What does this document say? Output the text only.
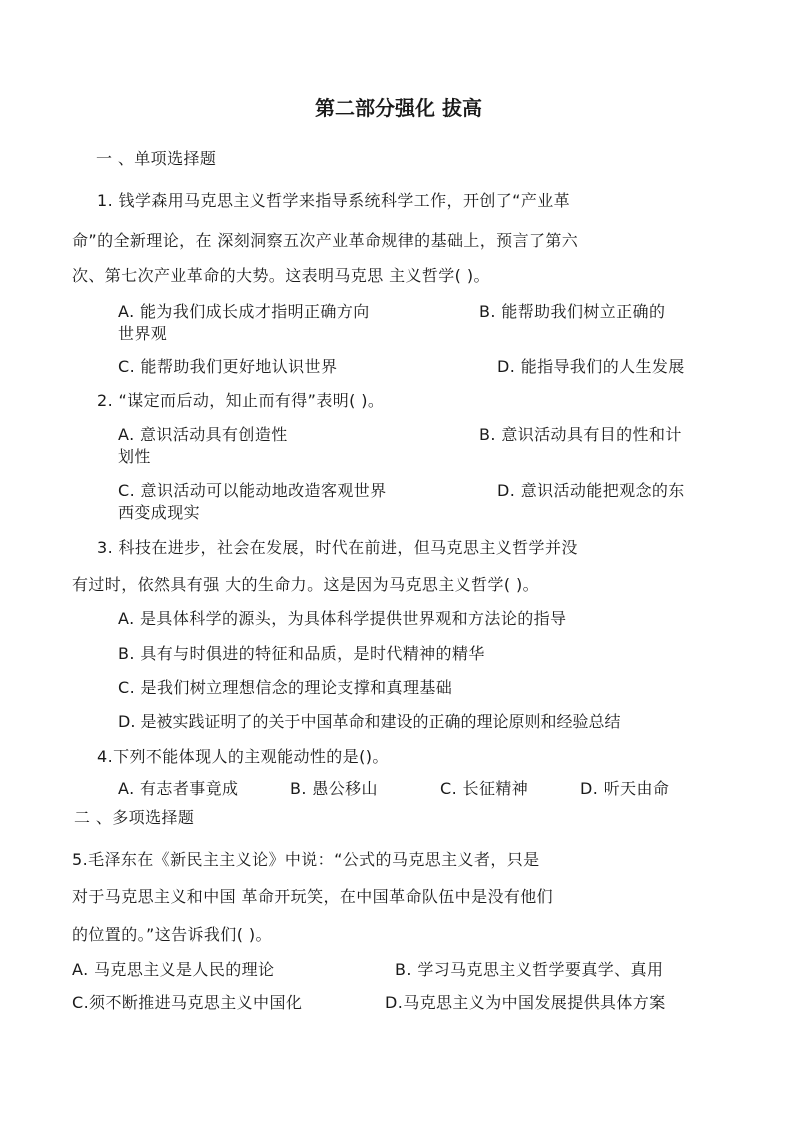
第二部分强化 拔高
一 、单项选择题
1. 钱学森用马克思主义哲学来指导系统科学工作，开创了“产业革
命”的全新理论，在 深刻洞察五次产业革命规律的基础上，预言了第六
次、第七次产业革命的大势。这表明马克思 主义哲学( )。
A. 能为我们成长成才指明正确方向	B. 能帮助我们树立正确的
世界观
C. 能帮助我们更好地认识世界	D. 能指导我们的人生发展
2. “谋定而后动，知止而有得”表明( )。
A. 意识活动具有创造性	B. 意识活动具有目的性和计
划性
C. 意识活动可以能动地改造客观世界	D. 意识活动能把观念的东
西变成现实
3. 科技在进步，社会在发展，时代在前进，但马克思主义哲学并没
有过时，依然具有强 大的生命力。这是因为马克思主义哲学( )。
A. 是具体科学的源头，为具体科学提供世界观和方法论的指导
B. 具有与时俱进的特征和品质，是时代精神的精华
C. 是我们树立理想信念的理论支撑和真理基础
D. 是被实践证明了的关于中国革命和建设的正确的理论原则和经验总结
4.下列不能体现人的主观能动性的是()。
A. 有志者事竟成	B. 愚公移山	C. 长征精神	D. 听天由命
二 、多项选择题
5.毛泽东在《新民主主义论》中说：“公式的马克思主义者，只是
对于马克思主义和中国 革命开玩笑，在中国革命队伍中是没有他们
的位置的。”这告诉我们( )。
A. 马克思主义是人民的理论	B. 学习马克思主义哲学要真学、真用
C.须不断推进马克思主义中国化	D.马克思主义为中国发展提供具体方案
